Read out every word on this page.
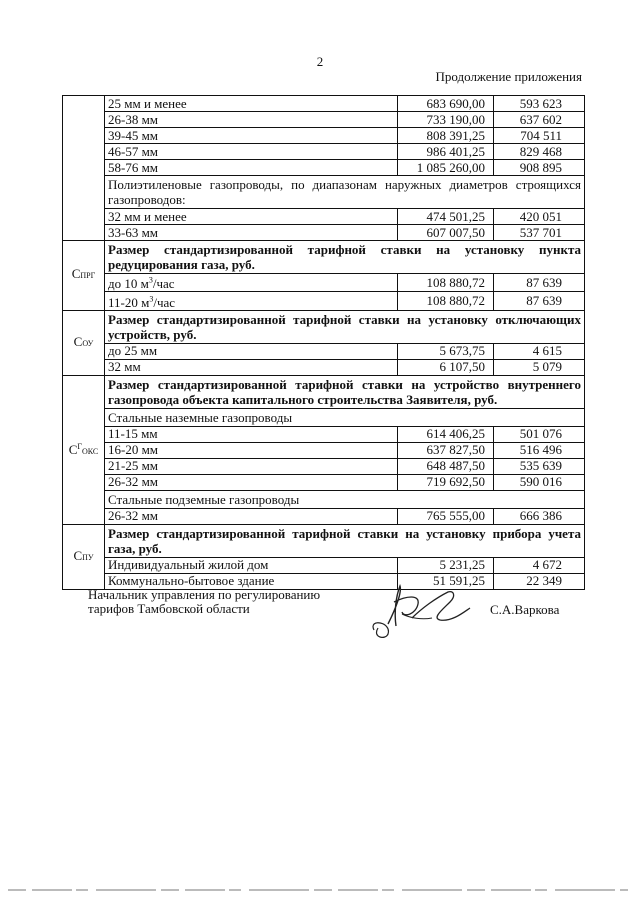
2
Продолжение приложения
	25 мм и менее	683 690,00	593 623
	26-38 мм	733 190,00	637 602
	39-45 мм	808 391,25	704 511
	46-57 мм	986 401,25	829 468
	58-76 мм	1 085 260,00	908 895
	Полиэтиленовые газопроводы, по диапазонам наружных диаметров строящихся газопроводов:		
	32 мм и менее	474 501,25	420 051
	33-63 мм	607 007,50	537 701
СПРГ	Размер стандартизированной тарифной ставки на установку пункта редуцирования газа, руб.		
	до 10 $м^3$/час	108 880,72	87 639
	11-20 $м^3$/час	108 880,72	87 639
СОУ	Размер стандартизированной тарифной ставки на установку отключающих устройств, руб.		
	до 25 мм	5 673,75	4 615
	32 мм	6 107,50	5 079
$С^ГОКС$	Размер стандартизированной тарифной ставки на устройство внутреннего газопровода объекта капитального строительства Заявителя, руб.		
	Стальные наземные газопроводы		
	11-15 мм	614 406,25	501 076
	16-20 мм	637 827,50	516 496
	21-25 мм	648 487,50	535 639
	26-32 мм	719 692,50	590 016
	Стальные подземные газопроводы		
	26-32 мм	765 555,00	666 386
СПУ	Размер стандартизированной тарифной ставки на установку прибора учета газа, руб.		
	Индивидуальный жилой дом	5 231,25	4 672
	Коммунально-бытовое здание	51 591,25	22 349
Начальник управления по регулированию
тарифов Тамбовской области	С.А.Варкова
